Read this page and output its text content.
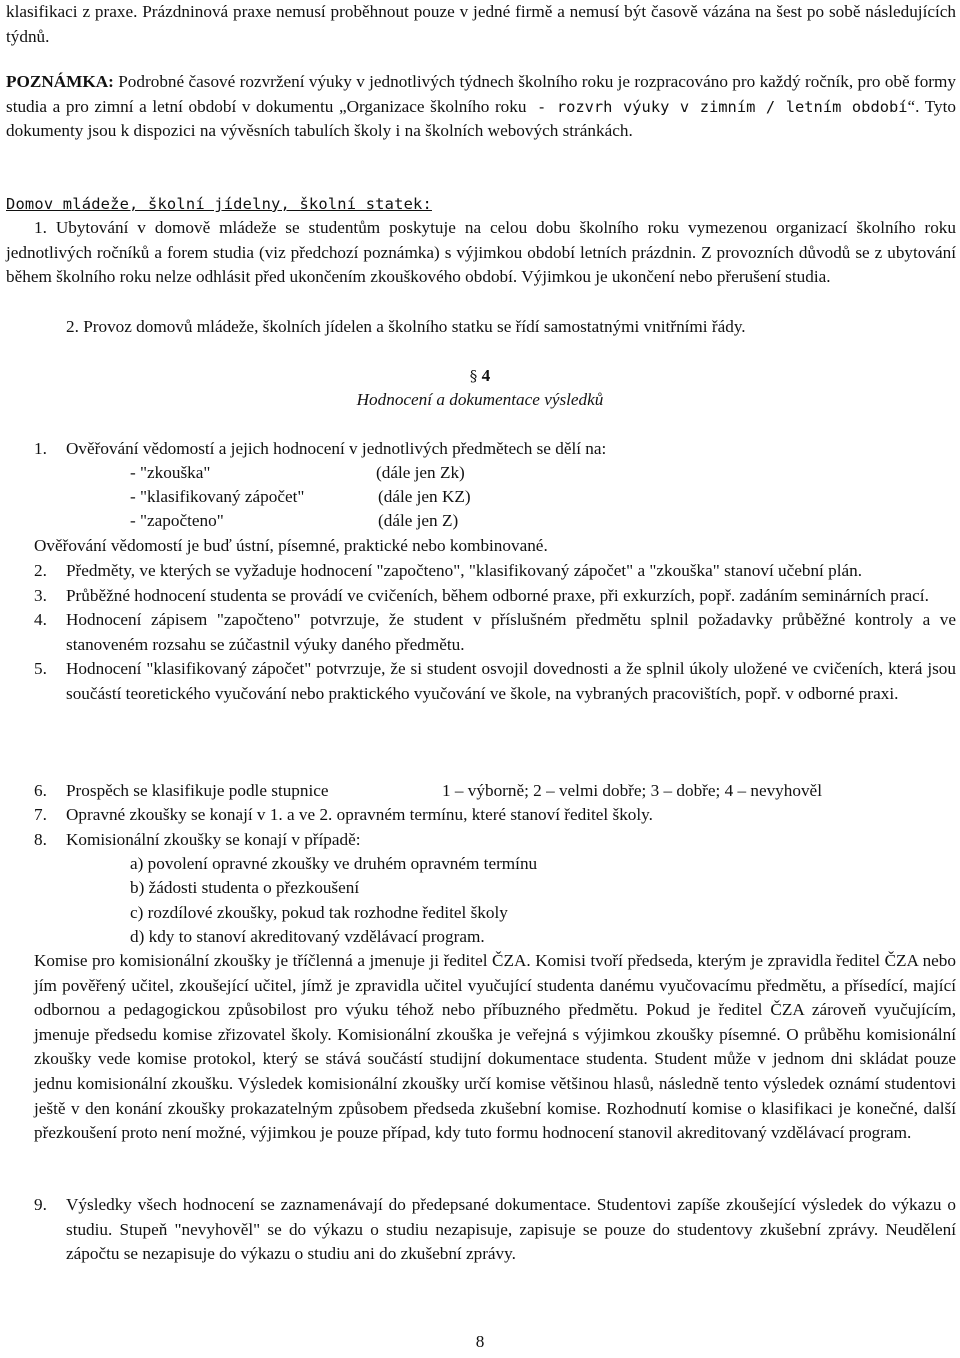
klasifikaci z praxe. Prázdninová praxe nemusí proběhnout pouze v jedné firmě a nemusí být časově vázána na šest po sobě následujících týdnů.

POZNÁMKA: Podrobné časové rozvržení výuky v jednotlivých týdnech školního roku je rozpracováno pro každý ročník, pro obě formy studia a pro zimní a letní období v dokumentu „Organizace školního roku - rozvrh výuky v zimním / letním období“. Tyto dokumenty jsou k dispozici na vývěsních tabulích školy i na školních webových stránkách.

Domov mládeže, školní jídelny, školní statek:

1. Ubytování v domově mládeže se studentům poskytuje na celou dobu školního roku vymezenou organizací školního roku jednotlivých ročníků a forem studia (viz předchozí poznámka) s výjimkou období letních prázdnin. Z provozních důvodů se z ubytování během školního roku nelze odhlásit před ukončením zkouškového období. Výjimkou je ukončení nebo přerušení studia.

2. Provoz domovů mládeže, školních jídelen a školního statku se řídí samostatnými vnitřními řády.

§ 4
Hodnocení a dokumentace výsledků
1.	Ověřování vědomostí a jejich hodnocení v jednotlivých předmětech se dělí na:
- "zkouška"	(dále jen Zk)
- "klasifikovaný zápočet"	(dále jen KZ)
- "započteno"	(dále jen Z)

Ověřování vědomostí je buď ústní, písemné, praktické nebo kombinované.

2.	Předměty, ve kterých se vyžaduje hodnocení "započteno", "klasifikovaný zápočet" a "zkouška" stanoví učební plán.
3.	Průběžné hodnocení studenta se provádí ve cvičeních, během odborné praxe, při exkurzích, popř. zadáním seminárních prací.
4.	Hodnocení zápisem "započteno" potvrzuje, že student v příslušném předmětu splnil požadavky průběžné kontroly a ve stanoveném rozsahu se zúčastnil výuky daného předmětu.
5.	Hodnocení "klasifikovaný zápočet" potvrzuje, že si student osvojil dovednosti a že splnil úkoly uložené ve cvičeních, která jsou součástí teoretického vyučování nebo praktického vyučování ve škole, na vybraných pracovištích, popř. v odborné praxi.
6. Prospěch se klasifikuje podle stupnice	1 – výborně; 2 – velmi dobře; 3 – dobře; 4 – nevyhověl
7. Opravné zkoušky se konají v 1. a ve 2. opravném termínu, které stanoví ředitel školy.
8. Komisionální zkoušky se konají v případě:
a) povolení opravné zkoušky ve druhém opravném termínu
b) žádosti studenta o přezkoušení
c) rozdílové zkoušky, pokud tak rozhodne ředitel školy
d) kdy to stanoví akreditovaný vzdělávací program.

Komise pro komisionální zkoušky je tříčlenná a jmenuje ji ředitel ČZA. Komisi tvoří předseda, kterým je zpravidla ředitel ČZA nebo jím pověřený učitel, zkoušející učitel, jímž je zpravidla učitel vyučující studenta danému vyučovacímu předmětu, a přísedící, mající odbornou a pedagogickou způsobilost pro výuku téhož nebo příbuzného předmětu. Pokud je ředitel ČZA zároveň vyučujícím, jmenuje předsedu komise zřizovatel školy. Komisionální zkouška je veřejná s výjimkou zkoušky písemné. O průběhu komisionální zkoušky vede komise protokol, který se stává součástí studijní dokumentace studenta. Student může v jednom dni skládat pouze jednu komisionální zkoušku. Výsledek komisionální zkoušky určí komise většinou hlasů, následně tento výsledek oznámí studentovi ještě v den konání zkoušky prokazatelným způsobem předseda zkušební komise. Rozhodnutí komise o klasifikaci je konečné, další přezkoušení proto není možné, výjimkou je pouze případ, kdy tuto formu hodnocení stanovil akreditovaný vzdělávací program.

9.	Výsledky všech hodnocení se zaznamenávají do předepsané dokumentace. Studentovi zapíše zkoušející výsledek do výkazu o studiu. Stupeň "nevyhověl" se do výkazu o studiu nezapisuje, zapisuje se pouze do studentovy zkušební zprávy. Neudělení zápočtu se nezapisuje do výkazu o studiu ani do zkušební zprávy.
8
